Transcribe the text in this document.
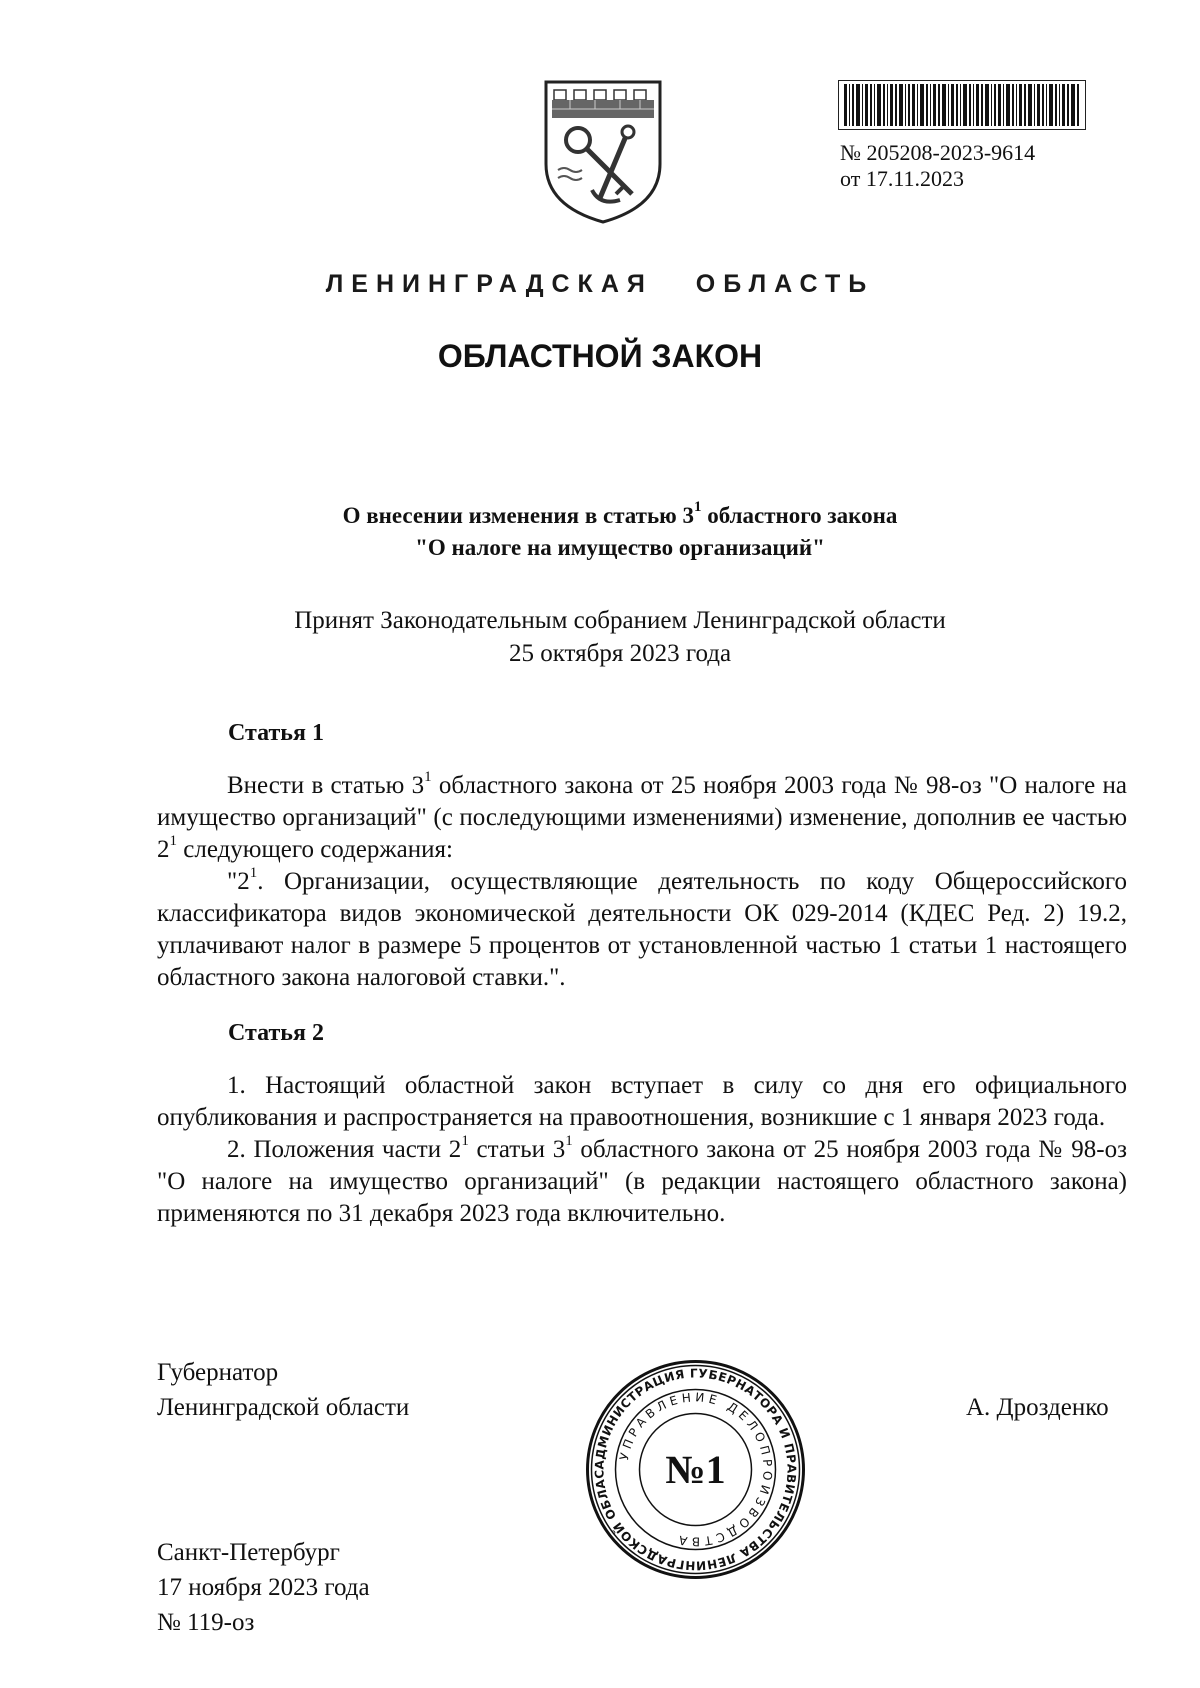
№ 205208-2023-9614
от 17.11.2023
ЛЕНИНГРАДСКАЯ ОБЛАСТЬ
ОБЛАСТНОЙ ЗАКОН
О внесении изменения в статью $3^1$ областного закона
"О налоге на имущество организаций"
Принят Законодательным собранием Ленинградской области
25 октября 2023 года
Статья 1

Внести в статью $3^1$ областного закона от 25 ноября 2003 года № 98-оз "О налоге на имущество организаций" (с последующими изменениями) изменение, дополнив ее частью $2^1$ следующего содержания:

"$2^1$. Организации, осуществляющие деятельность по коду Общероссийского классификатора видов экономической деятельности ОК 029-2014 (КДЕС Ред. 2) 19.2, уплачивают налог в размере 5 процентов от установленной частью 1 статьи 1 настоящего областного закона налоговой ставки.".

Статья 2

1. Настоящий областной закон вступает в силу со дня его официального опубликования и распространяется на правоотношения, возникшие с 1 января 2023 года.

2. Положения части $2^1$ статьи $3^1$ областного закона от 25 ноября 2003 года № 98-оз "О налоге на имущество организаций" (в редакции настоящего областного закона) применяются по 31 декабря 2023 года включительно.

Губернатор
Ленинградской области	А. Дрозденко
Санкт-Петербург
17 ноября 2023 года
№ 119-оз
АДМИНИСТРАЦИЯ ГУБЕРНАТОРА И ПРАВИТЕЛЬСТВА ЛЕНИНГРАДСКОЙ ОБЛАС
УПРАВЛЕНИЕ ДЕЛОПРОИЗВОДСТВА
№1
